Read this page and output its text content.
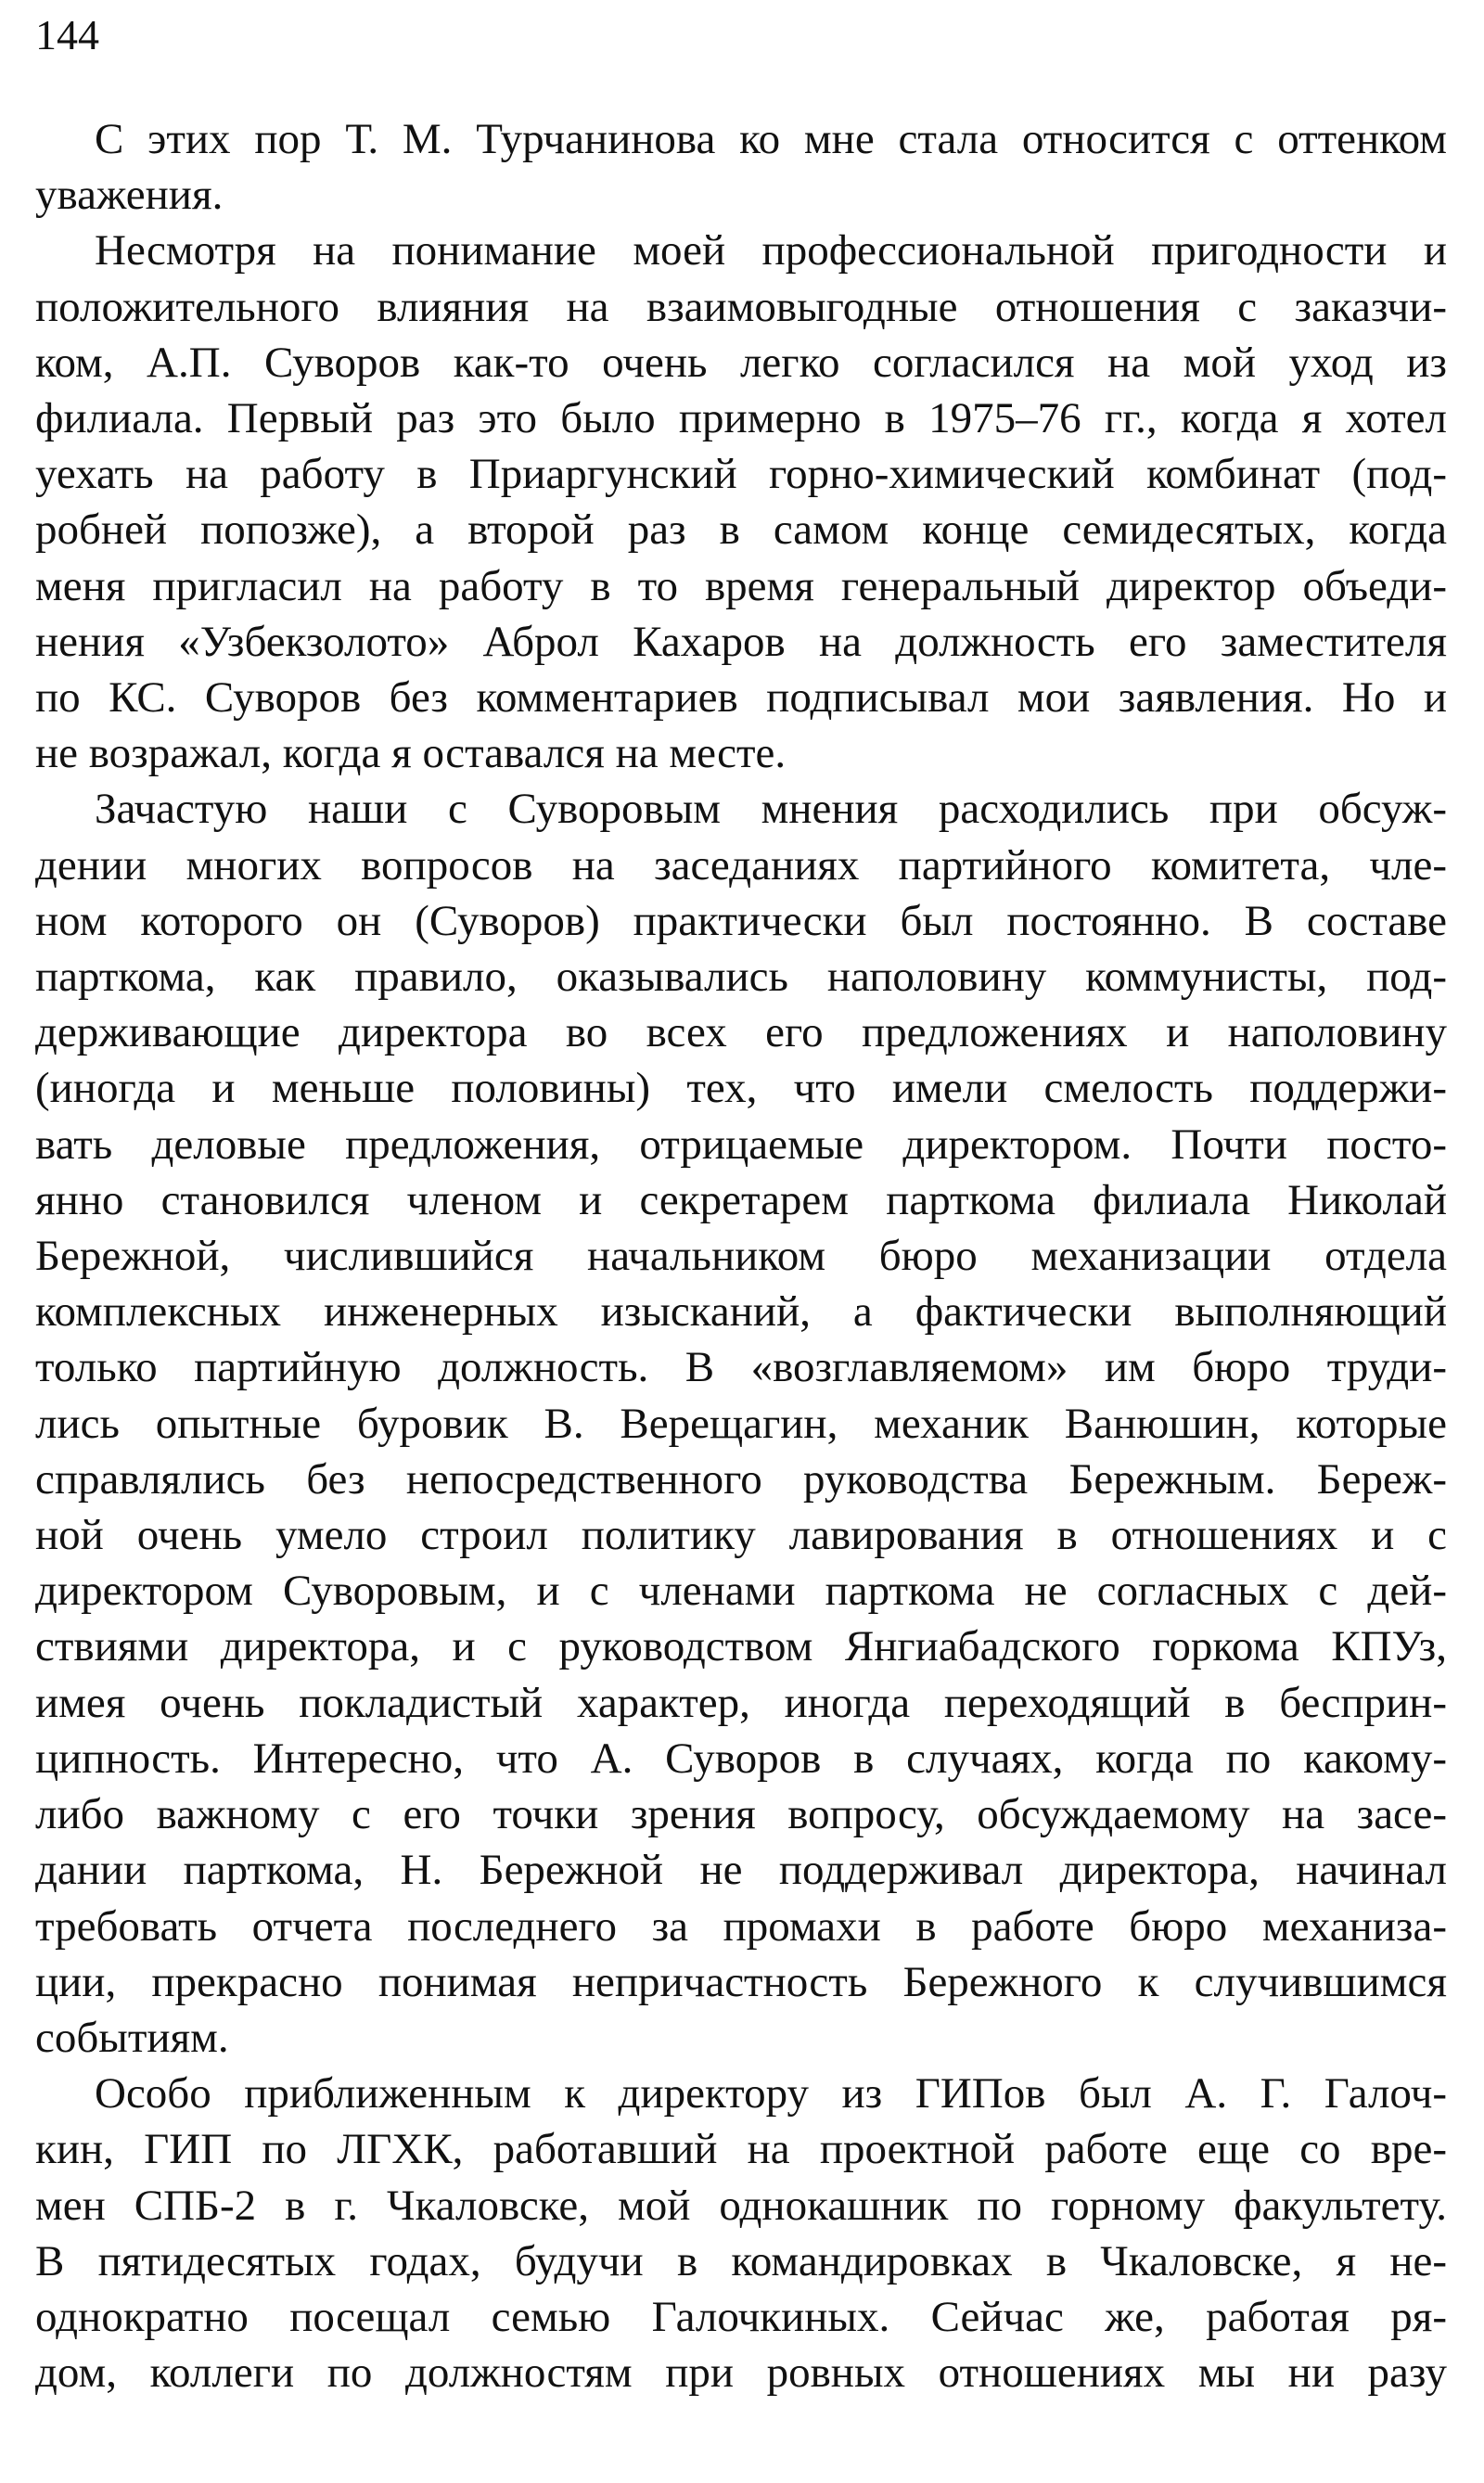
144
С этих пор Т. М. Турчанинова ко мне стала относится с оттенком
уважения.
Несмотря на понимание моей профессиональной пригодности и
положительного влияния на взаимовыгодные отношения с заказчи-
ком, А.П. Суворов как-то очень легко согласился на мой уход из
филиала. Первый раз это было примерно в 1975–76 гг., когда я хотел
уехать на работу в Приаргунский горно-химический комбинат (под-
робней попозже), а второй раз в самом конце семидесятых, когда
меня пригласил на работу в то время генеральный директор объеди-
нения «Узбекзолото» Аброл Кахаров на должность его заместителя
по КС. Суворов без комментариев подписывал мои заявления. Но и
не возражал, когда я оставался на месте.
Зачастую наши с Суворовым мнения расходились при обсуж-
дении многих вопросов на заседаниях партийного комитета, чле-
ном которого он (Суворов) практически был постоянно. В составе
парткома, как правило, оказывались наполовину коммунисты, под-
держивающие директора во всех его предложениях и наполовину
(иногда и меньше половины) тех, что имели смелость поддержи-
вать деловые предложения, отрицаемые директором. Почти посто-
янно становился членом и секретарем парткома филиала Николай
Бережной, числившийся начальником бюро механизации отдела
комплексных инженерных изысканий, а фактически выполняющий
только партийную должность. В «возглавляемом» им бюро труди-
лись опытные буровик В. Верещагин, механик Ванюшин, которые
справлялись без непосредственного руководства Бережным. Береж-
ной очень умело строил политику лавирования в отношениях и с
директором Суворовым, и с членами парткома не согласных с дей-
ствиями директора, и с руководством Янгиабадского горкома КПУз,
имея очень покладистый характер, иногда переходящий в бесприн-
ципность. Интересно, что А. Суворов в случаях, когда по какому-
либо важному с его точки зрения вопросу, обсуждаемому на засе-
дании парткома, Н. Бережной не поддерживал директора, начинал
требовать отчета последнего за промахи в работе бюро механиза-
ции, прекрасно понимая непричастность Бережного к случившимся
событиям.
Особо приближенным к директору из ГИПов был А. Г. Галоч-
кин, ГИП по ЛГХК, работавший на проектной работе еще со вре-
мен СПБ-2 в г. Чкаловске, мой однокашник по горному факультету.
В пятидесятых годах, будучи в командировках в Чкаловске, я не-
однократно посещал семью Галочкиных. Сейчас же, работая ря-
дом, коллеги по должностям при ровных отношениях мы ни разу
